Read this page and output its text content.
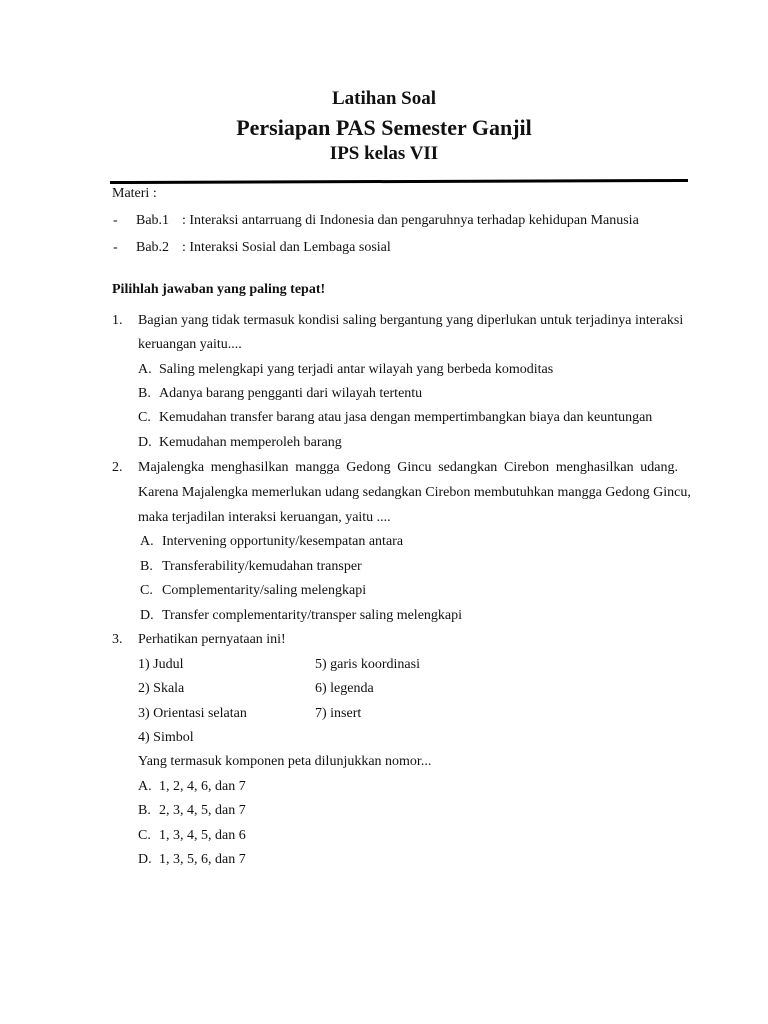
Latihan Soal
Persiapan PAS Semester Ganjil
IPS kelas VII
Materi :
- Bab.1 : Interaksi antarruang di Indonesia dan pengaruhnya terhadap kehidupan Manusia
- Bab.2 : Interaksi Sosial dan Lembaga sosial
Pilihlah jawaban yang paling tepat!
1. Bagian yang tidak termasuk kondisi saling bergantung yang diperlukan untuk terjadinya interaksi
keruangan yaitu....
A. Saling melengkapi yang terjadi antar wilayah yang berbeda komoditas
B. Adanya barang pengganti dari wilayah tertentu
C. Kemudahan transfer barang atau jasa dengan mempertimbangkan biaya dan keuntungan
D. Kemudahan memperoleh barang
2. Majalengka menghasilkan mangga Gedong Gincu sedangkan Cirebon menghasilkan udang.
Karena Majalengka memerlukan udang sedangkan Cirebon membutuhkan mangga Gedong Gincu,
maka terjadilan interaksi keruangan, yaitu ....
A. Intervening opportunity/kesempatan antara
B. Transferability/kemudahan transper
C. Complementarity/saling melengkapi
D. Transfer complementarity/transper saling melengkapi
3. Perhatikan pernyataan ini!
1) Judul
2) Skala
3) Orientasi selatan
4) Simbol
5) garis koordinasi
6) legenda
7) insert
Yang termasuk komponen peta dilunjukkan nomor...
A. 1, 2, 4, 6, dan 7
B. 2, 3, 4, 5, dan 7
C. 1, 3, 4, 5, dan 6
D. 1, 3, 5, 6, dan 7
